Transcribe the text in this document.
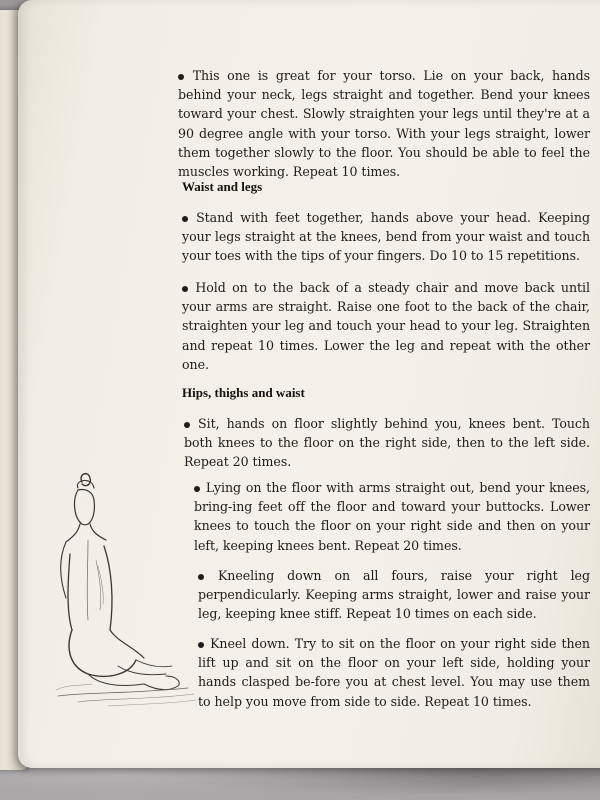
This one is great for your torso. Lie on your back, hands behind your neck, legs straight and together. Bend your knees toward your chest. Slowly straighten your legs until they're at a 90 degree angle with your torso. With your legs straight, lower them together slowly to the floor. You should be able to feel the muscles working. Repeat 10 times.

Waist and legs

Stand with feet together, hands above your head. Keeping your legs straight at the knees, bend from your waist and touch your toes with the tips of your fingers. Do 10 to 15 repetitions.

Hold on to the back of a steady chair and move back until your arms are straight. Raise one foot to the back of the chair, straighten your leg and touch your head to your leg. Straighten and repeat 10 times. Lower the leg and repeat with the other one.

Hips, thighs and waist

Sit, hands on floor slightly behind you, knees bent. Touch both knees to the floor on the right side, then to the left side. Repeat 20 times.

Lying on the floor with arms straight out, bend your knees, bring-ing feet off the floor and toward your buttocks. Lower knees to touch the floor on your right side and then on your left, keeping knees bent. Repeat 20 times.

Kneeling down on all fours, raise your right leg perpendicularly. Keeping arms straight, lower and raise your leg, keeping knee stiff. Repeat 10 times on each side.

Kneel down. Try to sit on the floor on your right side then lift up and sit on the floor on your left side, holding your hands clasped be-fore you at chest level. You may use them to help you move from side to side. Repeat 10 times.
